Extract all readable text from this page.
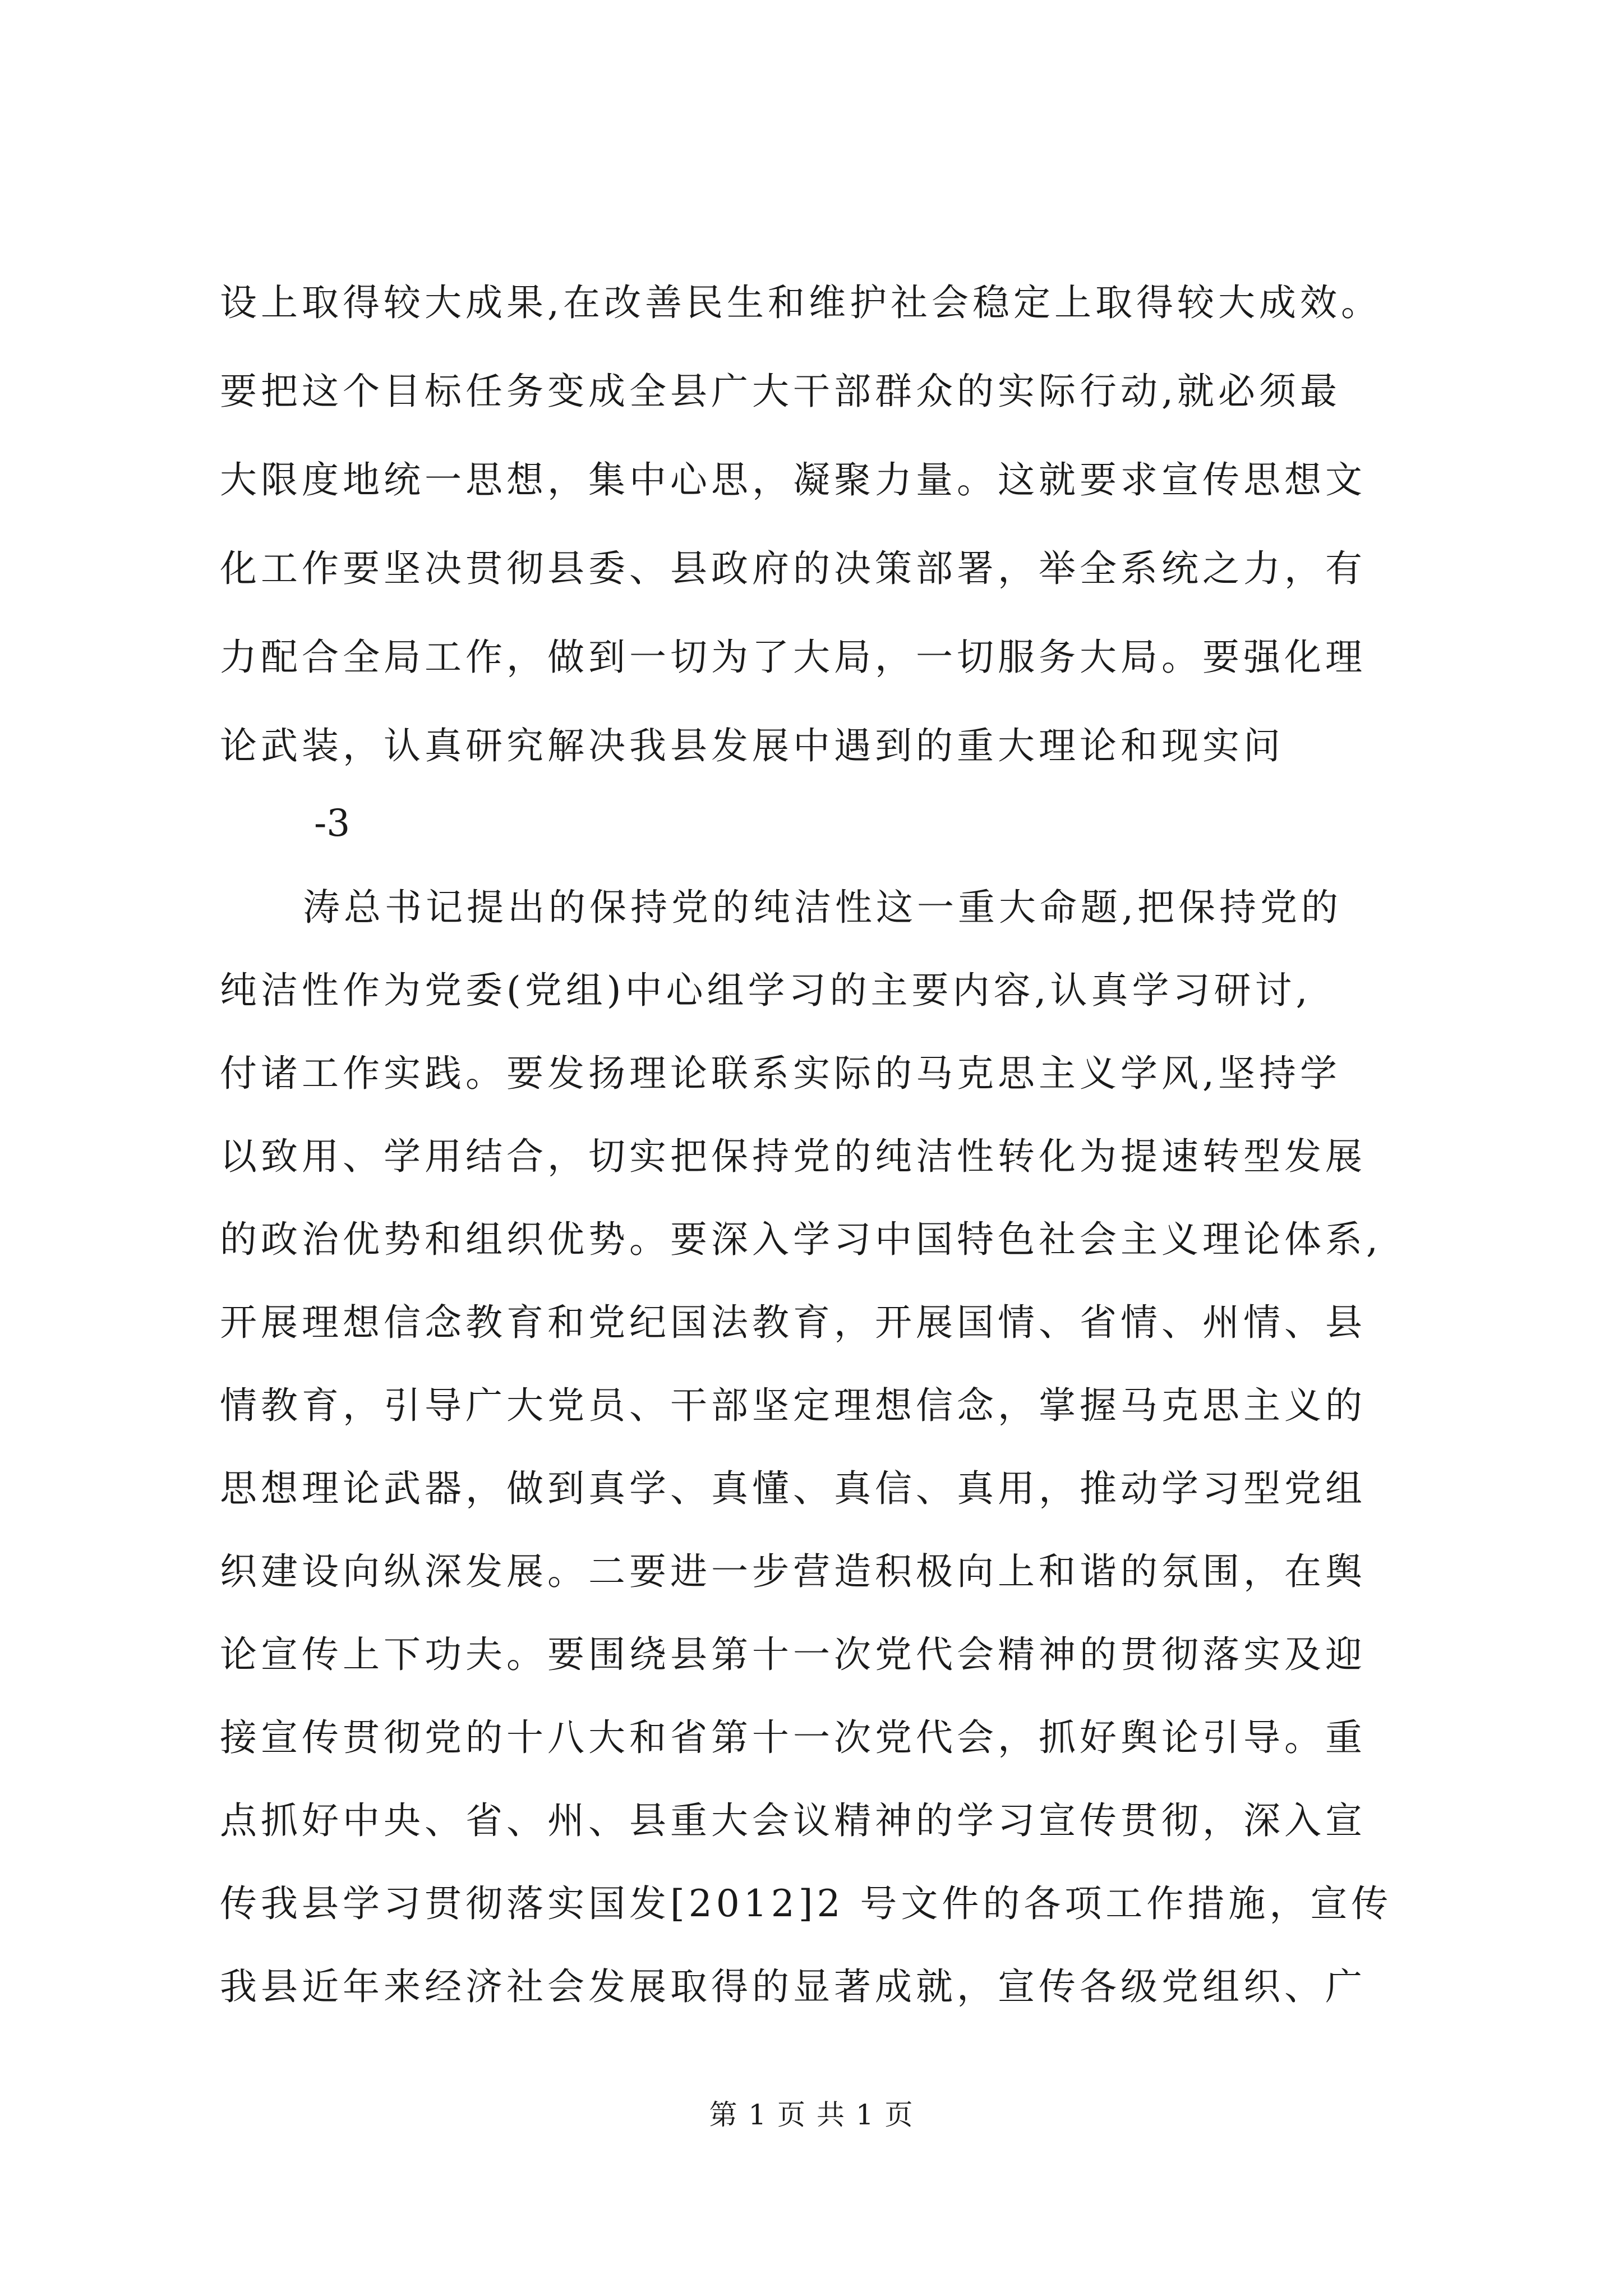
设上取得较大成果,在改善民生和维护社会稳定上取得较大成效。
要把这个目标任务变成全县广大干部群众的实际行动,就必须最
大限度地统一思想，集中心思，凝聚力量。这就要求宣传思想文
化工作要坚决贯彻县委、县政府的决策部署，举全系统之力，有
力配合全局工作，做到一切为了大局，一切服务大局。要强化理
论武装，认真研究解决我县发展中遇到的重大理论和现实问
-3
涛总书记提出的保持党的纯洁性这一重大命题,把保持党的
纯洁性作为党委(党组)中心组学习的主要内容,认真学习研讨,
付诸工作实践。要发扬理论联系实际的马克思主义学风,坚持学
以致用、学用结合，切实把保持党的纯洁性转化为提速转型发展
的政治优势和组织优势。要深入学习中国特色社会主义理论体系,
开展理想信念教育和党纪国法教育，开展国情、省情、州情、县
情教育，引导广大党员、干部坚定理想信念，掌握马克思主义的
思想理论武器，做到真学、真懂、真信、真用，推动学习型党组
织建设向纵深发展。二要进一步营造积极向上和谐的氛围，在舆
论宣传上下功夫。要围绕县第十一次党代会精神的贯彻落实及迎
接宣传贯彻党的十八大和省第十一次党代会，抓好舆论引导。重
点抓好中央、省、州、县重大会议精神的学习宣传贯彻，深入宣
传我县学习贯彻落实国发[2012]2 号文件的各项工作措施，宣传
我县近年来经济社会发展取得的显著成就，宣传各级党组织、广
第 1 页 共 1 页
